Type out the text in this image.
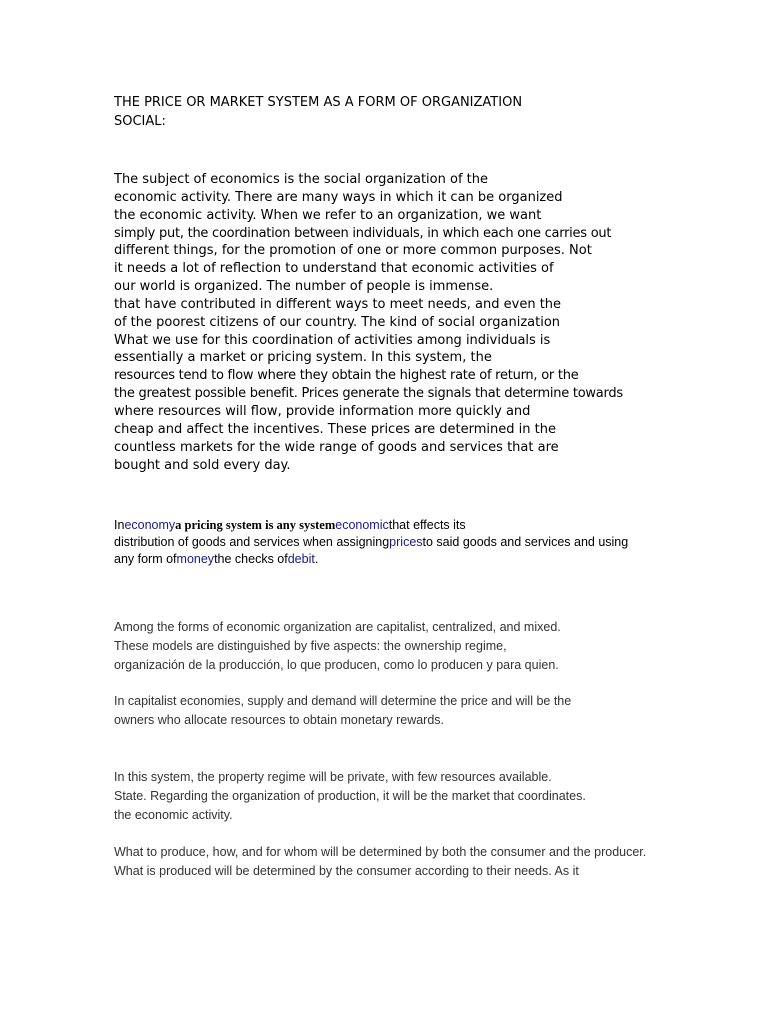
THE PRICE OR MARKET SYSTEM AS A FORM OF ORGANIZATION
SOCIAL:
The subject of economics is the social organization of the
economic activity. There are many ways in which it can be organized
the economic activity. When we refer to an organization, we want
simply put, the coordination between individuals, in which each one carries out
different things, for the promotion of one or more common purposes. Not
it needs a lot of reflection to understand that economic activities of
our world is organized. The number of people is immense.
that have contributed in different ways to meet needs, and even the
of the poorest citizens of our country. The kind of social organization
What we use for this coordination of activities among individuals is
essentially a market or pricing system. In this system, the
resources tend to flow where they obtain the highest rate of return, or the
the greatest possible benefit. Prices generate the signals that determine towards
where resources will flow, provide information more quickly and
cheap and affect the incentives. These prices are determined in the
countless markets for the wide range of goods and services that are
bought and sold every day.
Ineconomya pricing system is any systemeconomicthat effects its
distribution of goods and services when assigningpricesto said goods and services and using
any form ofmoneythe checks ofdebit.
Among the forms of economic organization are capitalist, centralized, and mixed.
These models are distinguished by five aspects: the ownership regime,
organización de la producción, lo que producen, como lo producen y para quien.
In capitalist economies, supply and demand will determine the price and will be the
owners who allocate resources to obtain monetary rewards.
In this system, the property regime will be private, with few resources available.
State. Regarding the organization of production, it will be the market that coordinates.
the economic activity.
What to produce, how, and for whom will be determined by both the consumer and the producer.
What is produced will be determined by the consumer according to their needs. As it
